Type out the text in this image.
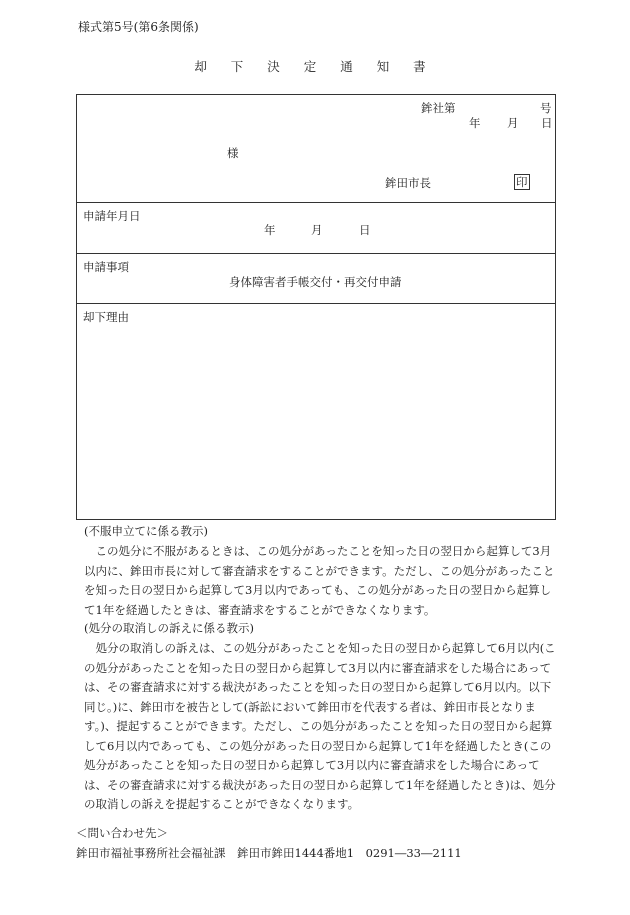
様式第5号(第6条関係)
却 下 決 定 通 知 書
鉾社第	号
年 月 日
様
鉾田市長	印
申請年月日
年	月	日
申請事項
身体障害者手帳交付・再交付申請
却下理由
(不服申立てに係る教示)
この処分に不服があるときは、この処分があったことを知った日の翌日から起算して3月以内に、鉾田市長に対して審査請求をすることができます。ただし、この処分があったことを知った日の翌日から起算して3月以内であっても、この処分があった日の翌日から起算して1年を経過したときは、審査請求をすることができなくなります。
(処分の取消しの訴えに係る教示)
処分の取消しの訴えは、この処分があったことを知った日の翌日から起算して6月以内(この処分があったことを知った日の翌日から起算して3月以内に審査請求をした場合にあっては、その審査請求に対する裁決があったことを知った日の翌日から起算して6月以内。以下同じ。)に、鉾田市を被告として(訴訟において鉾田市を代表する者は、鉾田市長となります。)、提起することができます。ただし、この処分があったことを知った日の翌日から起算して6月以内であっても、この処分があった日の翌日から起算して1年を経過したとき(この処分があったことを知った日の翌日から起算して3月以内に審査請求をした場合にあっては、その審査請求に対する裁決があった日の翌日から起算して1年を経過したとき)は、処分の取消しの訴えを提起することができなくなります。
＜問い合わせ先＞
鉾田市福祉事務所社会福祉課　鉾田市鉾田1444番地1　0291―33―2111
